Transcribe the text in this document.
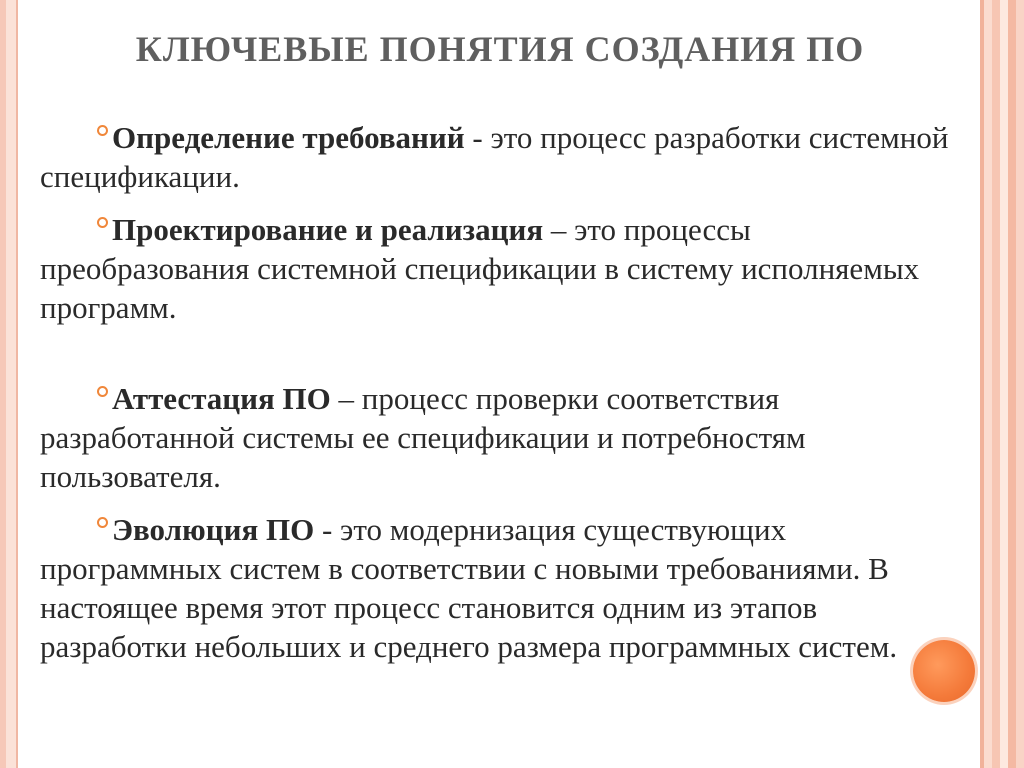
КЛЮЧЕВЫЕ ПОНЯТИЯ СОЗДАНИЯ ПО

Определение требований - это процесс разработки системной спецификации.

Проектирование и реализация – это процессы преобразования системной спецификации в систему исполняемых программ.

Аттестация ПО – процесс проверки соответствия разработанной системы ее спецификации и потребностям пользователя.

Эволюция ПО - это модернизация существующих программных систем в соответствии с новыми требованиями. В настоящее время этот процесс становится одним из этапов разработки небольших и среднего размера программных систем.
